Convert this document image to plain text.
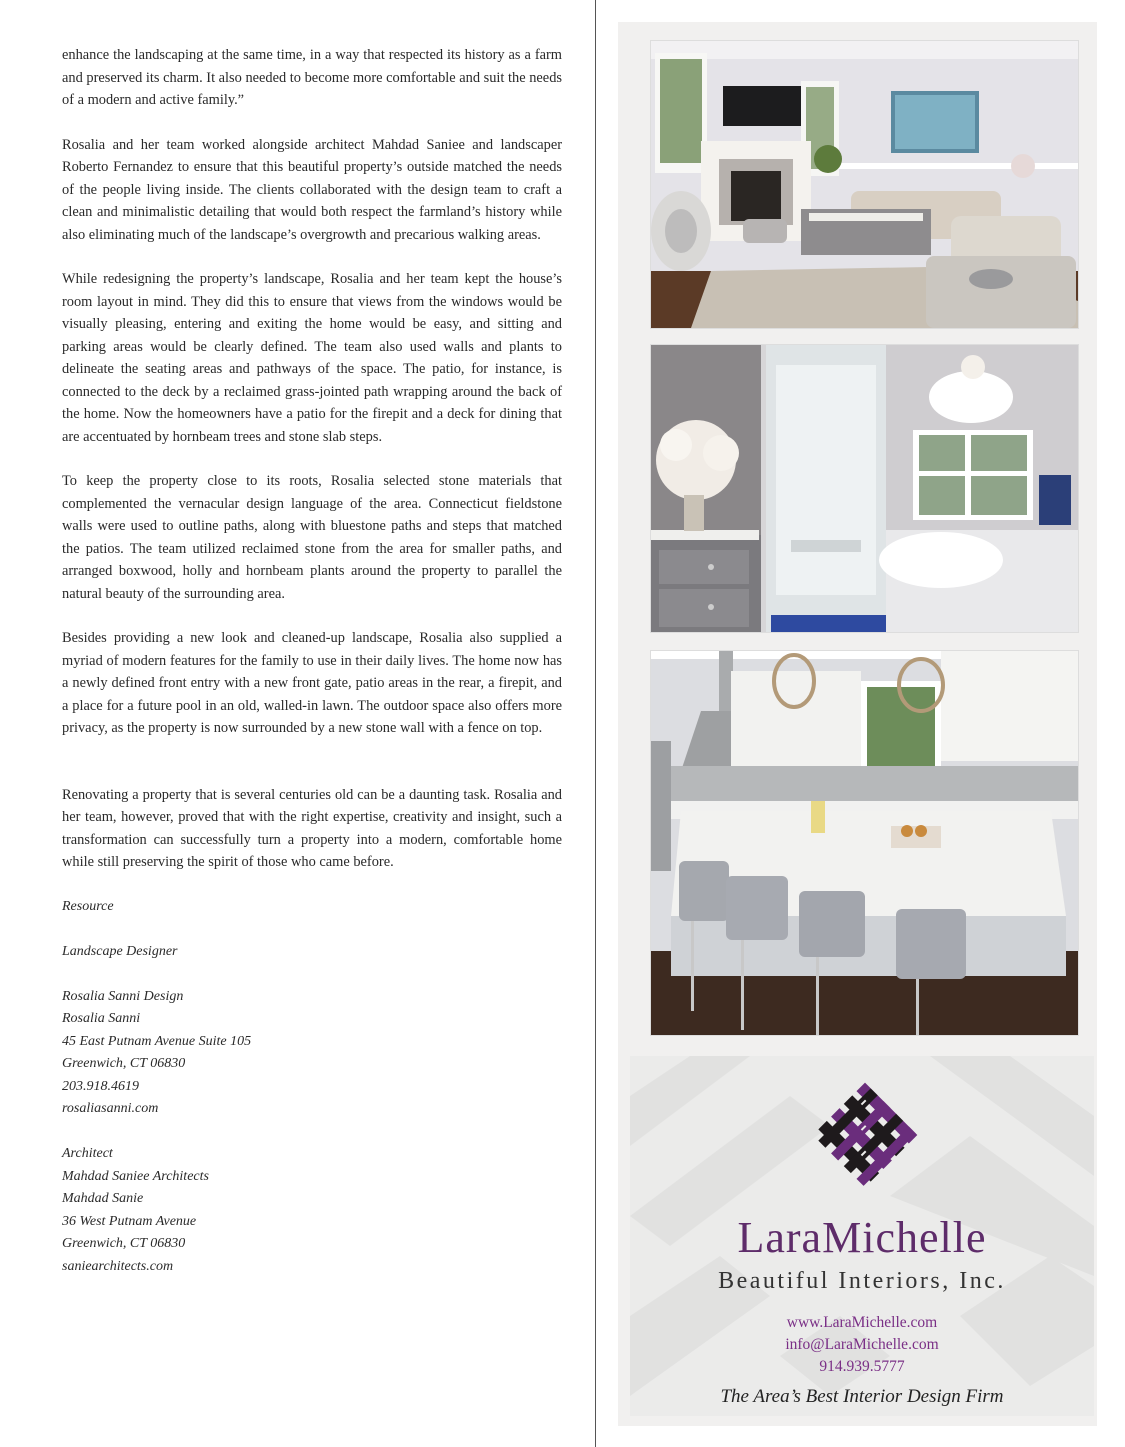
enhance the landscaping at the same time, in a way that respected its history as a farm and preserved its charm. It also needed to become more comfortable and suit the needs of a modern and active family.”

Rosalia and her team worked alongside architect Mahdad Saniee and landscaper Roberto Fernandez to ensure that this beautiful property’s outside matched the needs of the people living inside. The clients collaborated with the design team to craft a clean and minimalistic detailing that would both respect the farmland’s history while also eliminating much of the landscape’s overgrowth and precarious walking areas.

While redesigning the property’s landscape, Rosalia and her team kept the house’s room layout in mind. They did this to ensure that views from the windows would be visually pleasing, entering and exiting the home would be easy, and sitting and parking areas would be clearly defined. The team also used walls and plants to delineate the seating areas and pathways of the space. The patio, for instance, is connected to the deck by a reclaimed grass-jointed path wrapping around the back of the home. Now the homeowners have a patio for the firepit and a deck for dining that are accentuated by hornbeam trees and stone slab steps.

To keep the property close to its roots, Rosalia selected stone materials that complemented the vernacular design language of the area. Connecticut fieldstone walls were used to outline paths, along with bluestone paths and steps that matched the patios. The team utilized reclaimed stone from the area for smaller paths, and arranged boxwood, holly and hornbeam plants around the property to parallel the natural beauty of the surrounding area.

Besides providing a new look and cleaned-up landscape, Rosalia also supplied a myriad of modern features for the family to use in their daily lives. The home now has a newly defined front entry with a new front gate, patio areas in the rear, a firepit, and a place for a future pool in an old, walled-in lawn. The outdoor space also offers more privacy, as the property is now surrounded by a new stone wall with a fence on top.

Renovating a property that is several centuries old can be a daunting task. Rosalia and her team, however, proved that with the right expertise, creativity and insight, such a transformation can successfully turn a property into a modern, comfortable home while still preserving the spirit of those who came before.

Resource
Landscape Designer
Rosalia Sanni Design
Rosalia Sanni
45 East Putnam Avenue Suite 105
Greenwich, CT 06830
203.918.4619
rosaliasanni.com
Architect
Mahdad Saniee Architects
Mahdad Sanie
36 West Putnam Avenue
Greenwich, CT 06830
saniearchitects.com
LaraMichelle
Beautiful Interiors, Inc.
www.LaraMichelle.com
info@LaraMichelle.com
914.939.5777
The Area’s Best Interior Design Firm
